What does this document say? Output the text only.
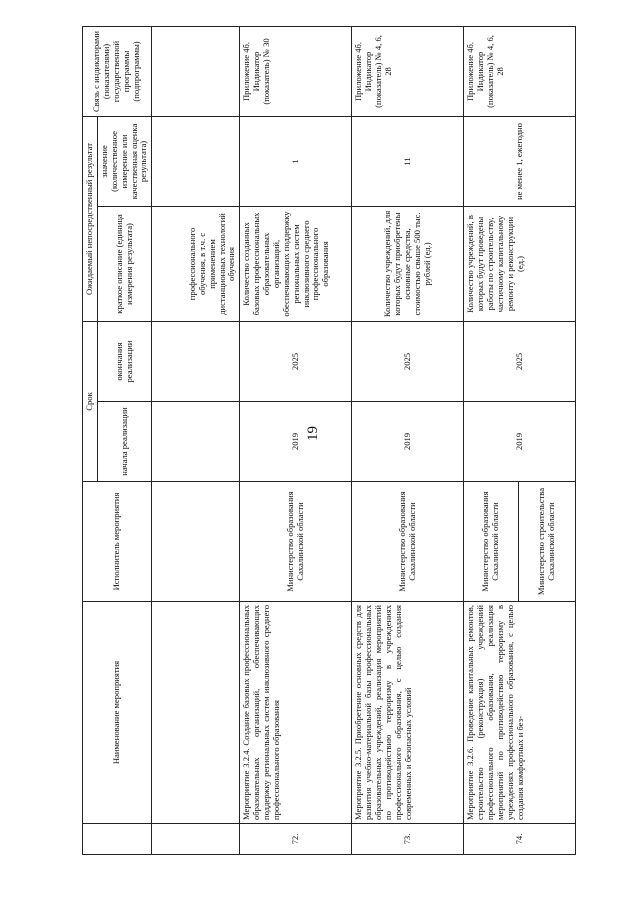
19
	Наименование мероприятия	Исполнитель мероприятия	Срок		Ожидаемый непосредственный результат		Связь с индикаторами (показателями) государственной программы (подпрограммы)
			начала реализации	окончания реализации	краткое описание (единица измерения результата)	значение (количественное измерение или качественная оценка результата)	
					профессионального обучения, в т.ч. с применением дистанционных технологий обучения		
72.	Мероприятие 3.2.4. Создание базовых профессиональных образовательных организаций, обеспечивающих поддержку региональных систем инклюзивного среднего профессионального образования	Министерство образования Сахалинской области	2019	2025	Количество созданных базовых профессиональных образовательных организаций, обеспечивающих поддержку региональных систем инклюзивного среднего профессионального образования	1	Приложение 4б. Индикатор (показатель) № 30
73.	Мероприятие 3.2.5. Приобретение основных средств для развития учебно-материальной базы профессиональных образовательных учреждений, реализация мероприятий по противодействию терроризму в учреждениях профессионального образования, с целью создания современных и безопасных условий	Министерство образования Сахалинской области	2019	2025	Количество учреждений, для которых будут приобретены основные средства, стоимостью свыше 500 тыс. рублей (ед.)	11	Приложение 4б. Индикатор (показатель) № 4, 6, 28
74.	Мероприятие 3.2.6. Проведение капитальных ремонтов, строительство (реконструкция) учреждений профессионального образования, реализация мероприятий по противодействию терроризму в учреждениях профессионального образования, с целью создания комфортных и без-	Министерство образования Сахалинской области	2019	2025	Количество учреждений, в которых будут проведены работы по строительству, частичному капитальному ремонту и реконструкции (ед.)	не менее 1, ежегодно	Приложение 4б. Индикатор (показатель) № 4, 6, 28
		Министерство строительства Сахалинской области					
